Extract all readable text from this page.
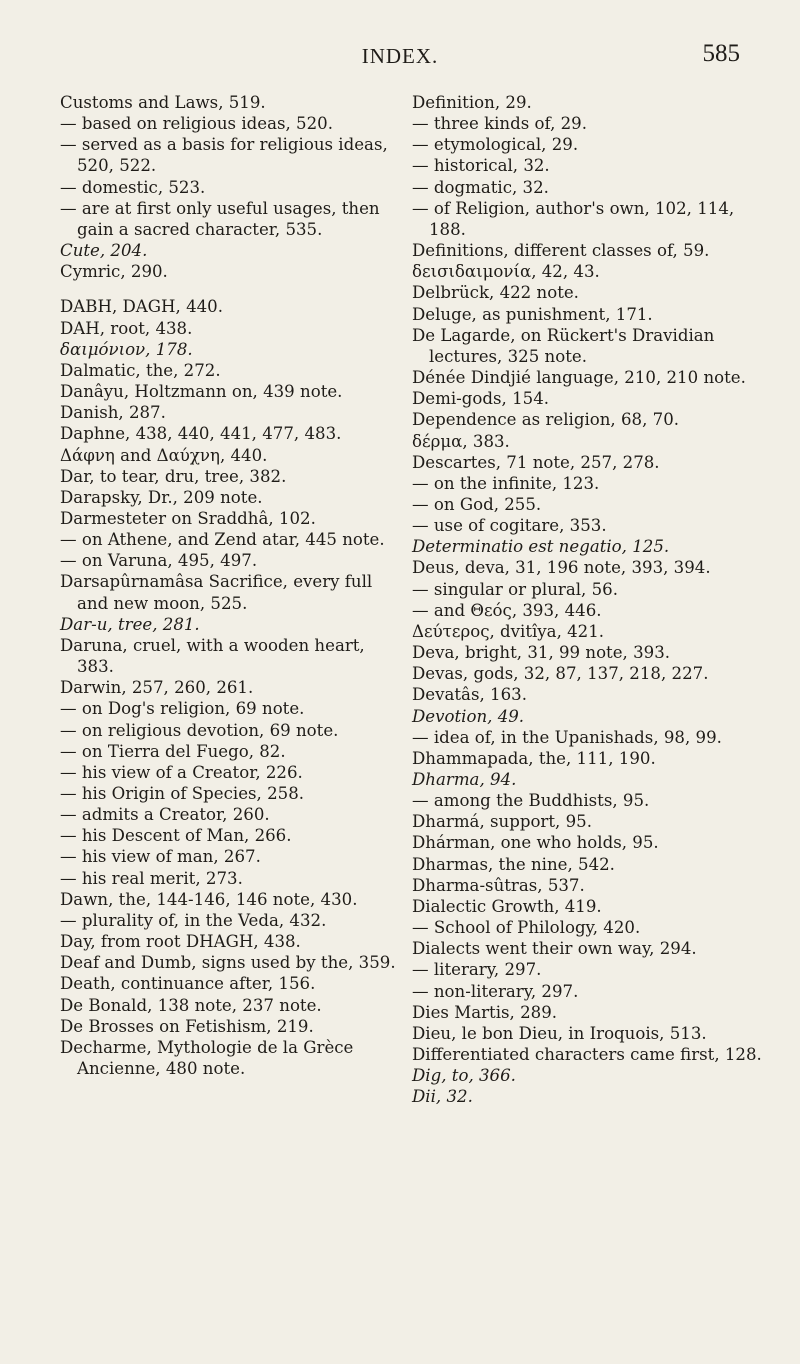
INDEX.	585
Customs and Laws, 519.
— based on religious ideas, 520.
— served as a basis for religious ideas, 520, 522.
— domestic, 523.
— are at first only useful usages, then gain a sacred character, 535.
Cute, 204.
Cymric, 290.
DABH, DAGH, 440.
DAH, root, 438.
δαιμόνιον, 178.
Dalmatic, the, 272.
Danâyu, Holtzmann on, 439 note.
Danish, 287.
Daphne, 438, 440, 441, 477, 483.
Δάφνη and Δαύχνη, 440.
Dar, to tear, dru, tree, 382.
Darapsky, Dr., 209 note.
Darmesteter on Sraddhâ, 102.
— on Athene, and Zend atar, 445 note.
— on Varuna, 495, 497.
Darsapûrnamâsa Sacrifice, every full and new moon, 525.
Dar-u, tree, 281.
Daruna, cruel, with a wooden heart, 383.
Darwin, 257, 260, 261.
— on Dog's religion, 69 note.
— on religious devotion, 69 note.
— on Tierra del Fuego, 82.
— his view of a Creator, 226.
— his Origin of Species, 258.
— admits a Creator, 260.
— his Descent of Man, 266.
— his view of man, 267.
— his real merit, 273.
Dawn, the, 144-146, 146 note, 430.
— plurality of, in the Veda, 432.
Day, from root DHAGH, 438.
Deaf and Dumb, signs used by the, 359.
Death, continuance after, 156.
De Bonald, 138 note, 237 note.
De Brosses on Fetishism, 219.
Decharme, Mythologie de la Grèce Ancienne, 480 note.
Definition, 29.
— three kinds of, 29.
— etymological, 29.
— historical, 32.
— dogmatic, 32.
— of Religion, author's own, 102, 114, 188.
Definitions, different classes of, 59.
δεισιδαιμονία, 42, 43.
Delbrück, 422 note.
Deluge, as punishment, 171.
De Lagarde, on Rückert's Dravidian lectures, 325 note.
Dénée Dindjié language, 210, 210 note.
Demi-gods, 154.
Dependence as religion, 68, 70.
δέρμα, 383.
Descartes, 71 note, 257, 278.
— on the infinite, 123.
— on God, 255.
— use of cogitare, 353.
Determinatio est negatio, 125.
Deus, deva, 31, 196 note, 393, 394.
— singular or plural, 56.
— and Θεός, 393, 446.
Δεύτερος, dvitîya, 421.
Deva, bright, 31, 99 note, 393.
Devas, gods, 32, 87, 137, 218, 227.
Devatâs, 163.
Devotion, 49.
— idea of, in the Upanishads, 98, 99.
Dhammapada, the, 111, 190.
Dharma, 94.
— among the Buddhists, 95.
Dharmá, support, 95.
Dhárman, one who holds, 95.
Dharmas, the nine, 542.
Dharma-sûtras, 537.
Dialectic Growth, 419.
— School of Philology, 420.
Dialects went their own way, 294.
— literary, 297.
— non-literary, 297.
Dies Martis, 289.
Dieu, le bon Dieu, in Iroquois, 513.
Differentiated characters came first, 128.
Dig, to, 366.
Dii, 32.
